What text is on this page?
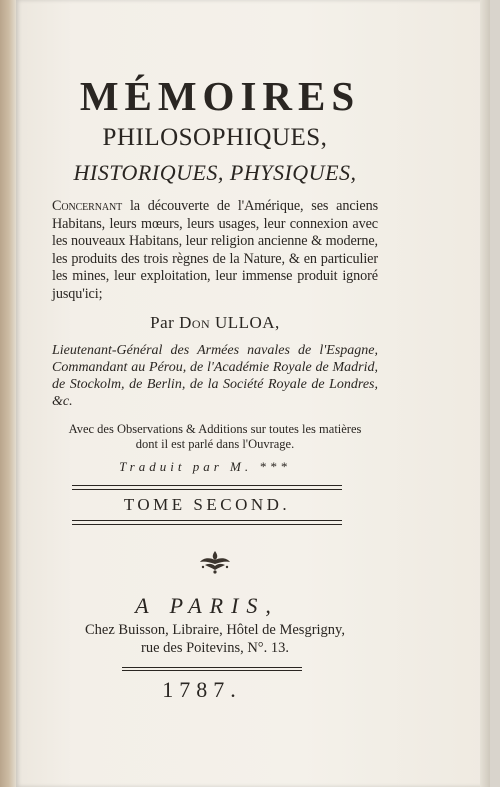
MÉMOIRES
PHILOSOPHIQUES,
HISTORIQUES, PHYSIQUES,
Concernant la découverte de l'Amérique, ses anciens Habitans, leurs mœurs, leurs usages, leur connexion avec les nouveaux Habitans, leur religion ancienne & moderne, les produits des trois règnes de la Nature, & en particulier les mines, leur exploitation, leur immense produit ignoré jusqu'ici;
Par Don ULLOA,
Lieutenant-Général des Armées navales de l'Espagne, Commandant au Pérou, de l'Académie Royale de Madrid, de Stockolm, de Berlin, de la Société Royale de Londres, &c.
Avec des Observations & Additions sur toutes les matières
dont il est parlé dans l'Ouvrage.
Traduit par M. ***
TOME SECOND.
A PARIS,
Chez Buisson, Libraire, Hôtel de Mesgrigny,
rue des Poitevins, N°. 13.
1787.
